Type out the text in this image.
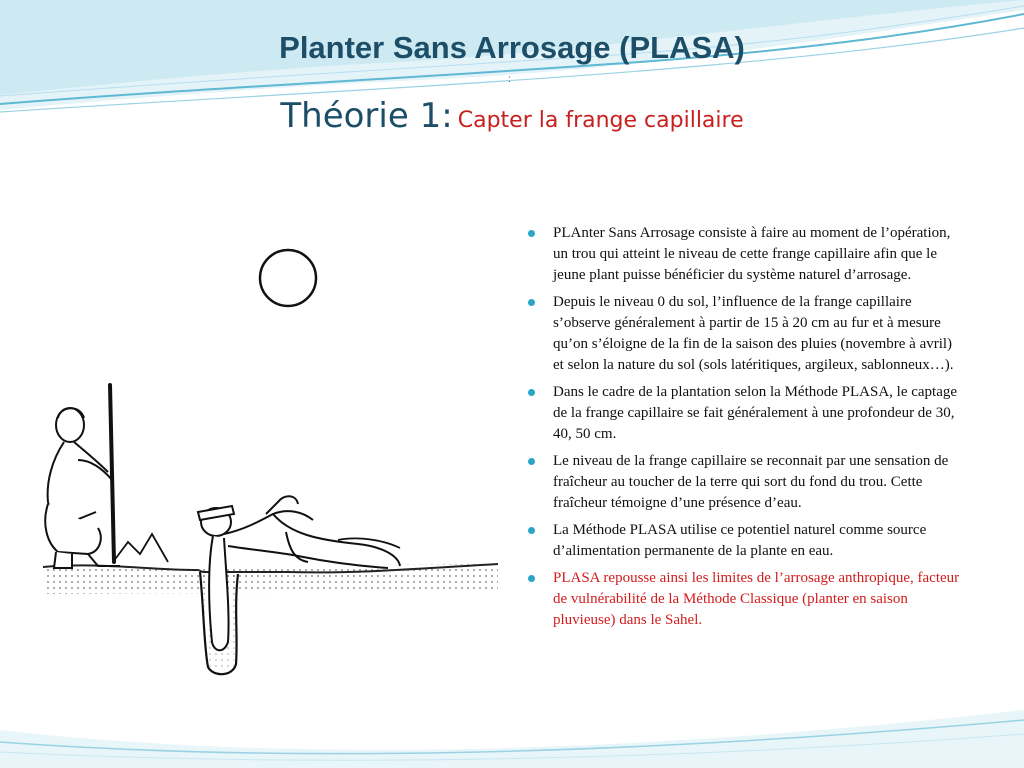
Planter Sans Arrosage (PLASA)
:
Théorie 1: Capter la frange capillaire
PLAnter Sans Arrosage consiste à faire au moment de l’opération, un trou qui atteint le niveau de cette frange capillaire afin que le jeune plant puisse bénéficier du système naturel d’arrosage.
Depuis le niveau 0 du sol, l’influence de la frange capillaire s’observe généralement à partir de 15 à 20 cm au fur et à mesure qu’on s’éloigne de la fin de la saison des pluies (novembre à avril) et selon la nature du sol (sols latéritiques, argileux, sablonneux…).
Dans le cadre de la plantation selon la Méthode PLASA, le captage de la frange capillaire se fait généralement à une profondeur de 30, 40, 50 cm.
Le niveau de la frange capillaire se reconnait par une sensation de fraîcheur au toucher de la terre qui sort du fond du trou. Cette fraîcheur témoigne d’une présence d’eau.
La Méthode PLASA utilise ce potentiel naturel comme source d’alimentation permanente de la plante en eau.
PLASA repousse ainsi les limites de l’arrosage anthropique, facteur de vulnérabilité de la Méthode Classique (planter en saison pluvieuse) dans le Sahel.
